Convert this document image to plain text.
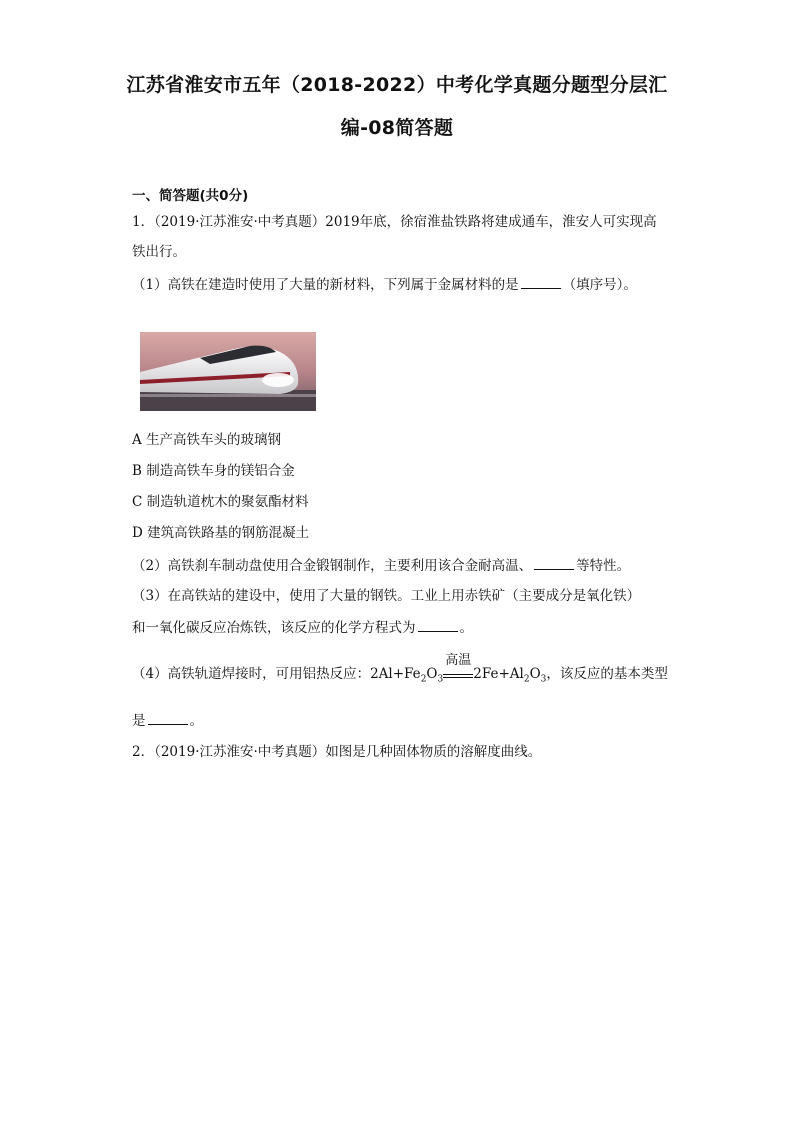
江苏省淮安市五年（2018-2022）中考化学真题分题型分层汇
编-08简答题
一、简答题(共0分)
1．（2019·江苏淮安·中考真题）2019年底，徐宿淮盐铁路将建成通车，淮安人可实现高
铁出行。
（1）高铁在建造时使用了大量的新材料，下列属于金属材料的是	（填序号）。
A 生产高铁车头的玻璃钢
B 制造高铁车身的镁铝合金
C 制造轨道枕木的聚氨酯材料
D 建筑高铁路基的钢筋混凝土
（2）高铁刹车制动盘使用合金锻钢制作，主要利用该合金耐高温、	等特性。
（3）在高铁站的建设中，使用了大量的钢铁。工业上用赤铁矿（主要成分是氧化铁）
和一氧化碳反应冶炼铁，该反应的化学方程式为	。
（4）高铁轨道焊接时，可用铝热反应：$2Al+Fe_2O_3$
高温
$2Fe+Al_2O_3$，该反应的基本类型
是	。
2．（2019·江苏淮安·中考真题）如图是几种固体物质的溶解度曲线。
